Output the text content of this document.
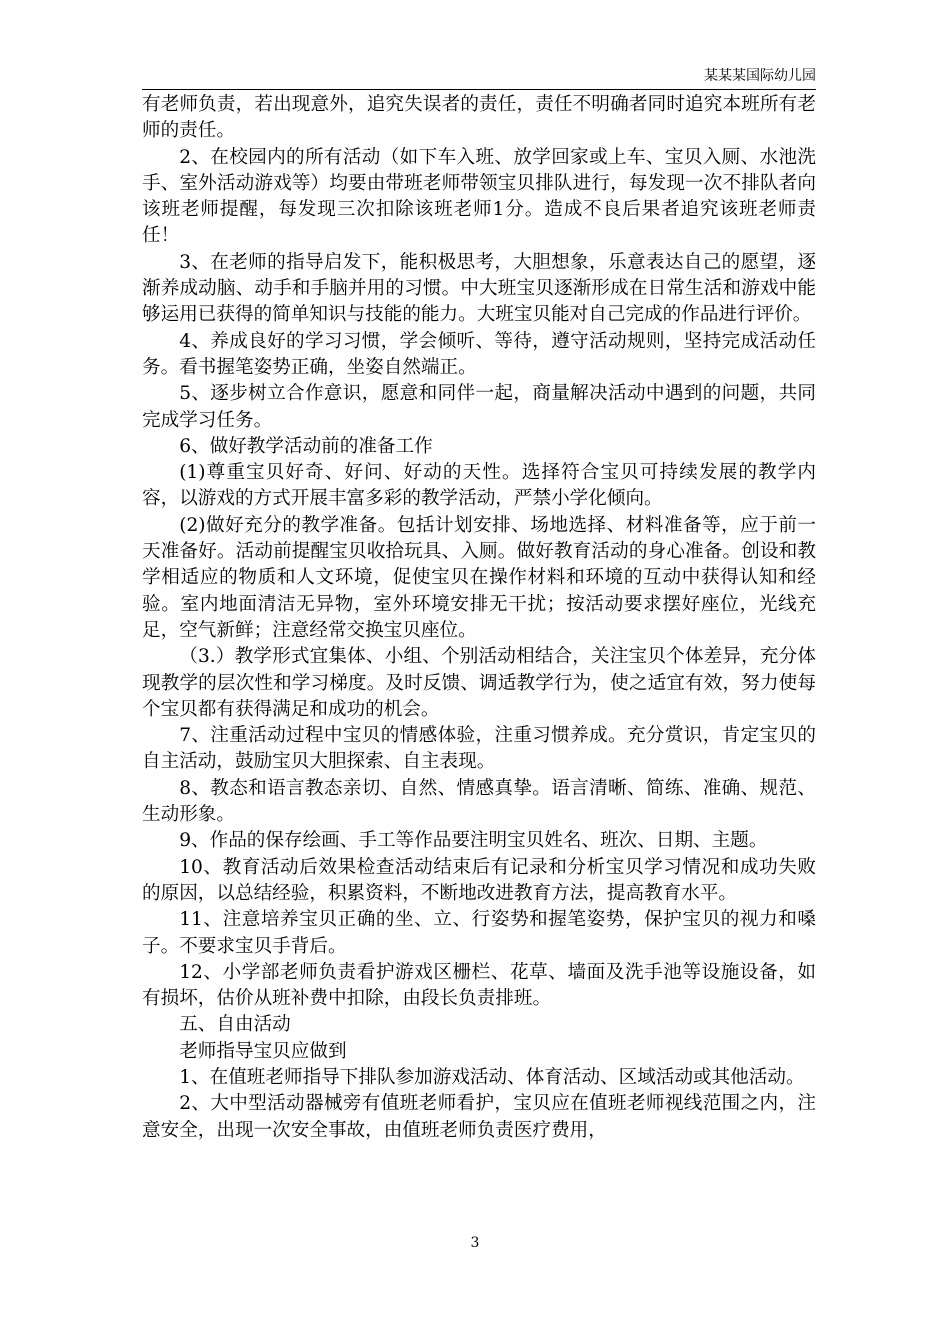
某某某国际幼儿园

有老师负责，若出现意外，追究失误者的责任，责任不明确者同时追究本班所有老师的责任。

2、在校园内的所有活动（如下车入班、放学回家或上车、宝贝入厕、水池洗手、室外活动游戏等）均要由带班老师带领宝贝排队进行，每发现一次不排队者向该班老师提醒，每发现三次扣除该班老师1分。造成不良后果者追究该班老师责任！

3、在老师的指导启发下，能积极思考，大胆想象，乐意表达自己的愿望，逐渐养成动脑、动手和手脑并用的习惯。中大班宝贝逐渐形成在日常生活和游戏中能够运用已获得的简单知识与技能的能力。大班宝贝能对自己完成的作品进行评价。

4、养成良好的学习习惯，学会倾听、等待，遵守活动规则，坚持完成活动任务。看书握笔姿势正确，坐姿自然端正。

5、逐步树立合作意识，愿意和同伴一起，商量解决活动中遇到的问题，共同完成学习任务。

6、做好教学活动前的准备工作

(1)尊重宝贝好奇、好问、好动的天性。选择符合宝贝可持续发展的教学内容，以游戏的方式开展丰富多彩的教学活动，严禁小学化倾向。

(2)做好充分的教学准备。包括计划安排、场地选择、材料准备等，应于前一天准备好。活动前提醒宝贝收拾玩具、入厕。做好教育活动的身心准备。创设和教学相适应的物质和人文环境，促使宝贝在操作材料和环境的互动中获得认知和经验。室内地面清洁无异物，室外环境安排无干扰；按活动要求摆好座位，光线充足，空气新鲜；注意经常交换宝贝座位。

（3.）教学形式宜集体、小组、个别活动相结合，关注宝贝个体差异，充分体现教学的层次性和学习梯度。及时反馈、调适教学行为，使之适宜有效，努力使每个宝贝都有获得满足和成功的机会。

7、注重活动过程中宝贝的情感体验，注重习惯养成。充分赏识，肯定宝贝的自主活动，鼓励宝贝大胆探索、自主表现。

8、教态和语言教态亲切、自然、情感真挚。语言清晰、简练、准确、规范、生动形象。

9、作品的保存绘画、手工等作品要注明宝贝姓名、班次、日期、主题。

10、教育活动后效果检查活动结束后有记录和分析宝贝学习情况和成功失败的原因，以总结经验，积累资料，不断地改进教育方法，提高教育水平。

11、注意培养宝贝正确的坐、立、行姿势和握笔姿势，保护宝贝的视力和嗓子。不要求宝贝手背后。

12、小学部老师负责看护游戏区栅栏、花草、墙面及洗手池等设施设备，如有损坏，估价从班补费中扣除，由段长负责排班。

五、自由活动

老师指导宝贝应做到

1、在值班老师指导下排队参加游戏活动、体育活动、区域活动或其他活动。

2、大中型活动器械旁有值班老师看护，宝贝应在值班老师视线范围之内，注意安全，出现一次安全事故，由值班老师负责医疗费用，

3
